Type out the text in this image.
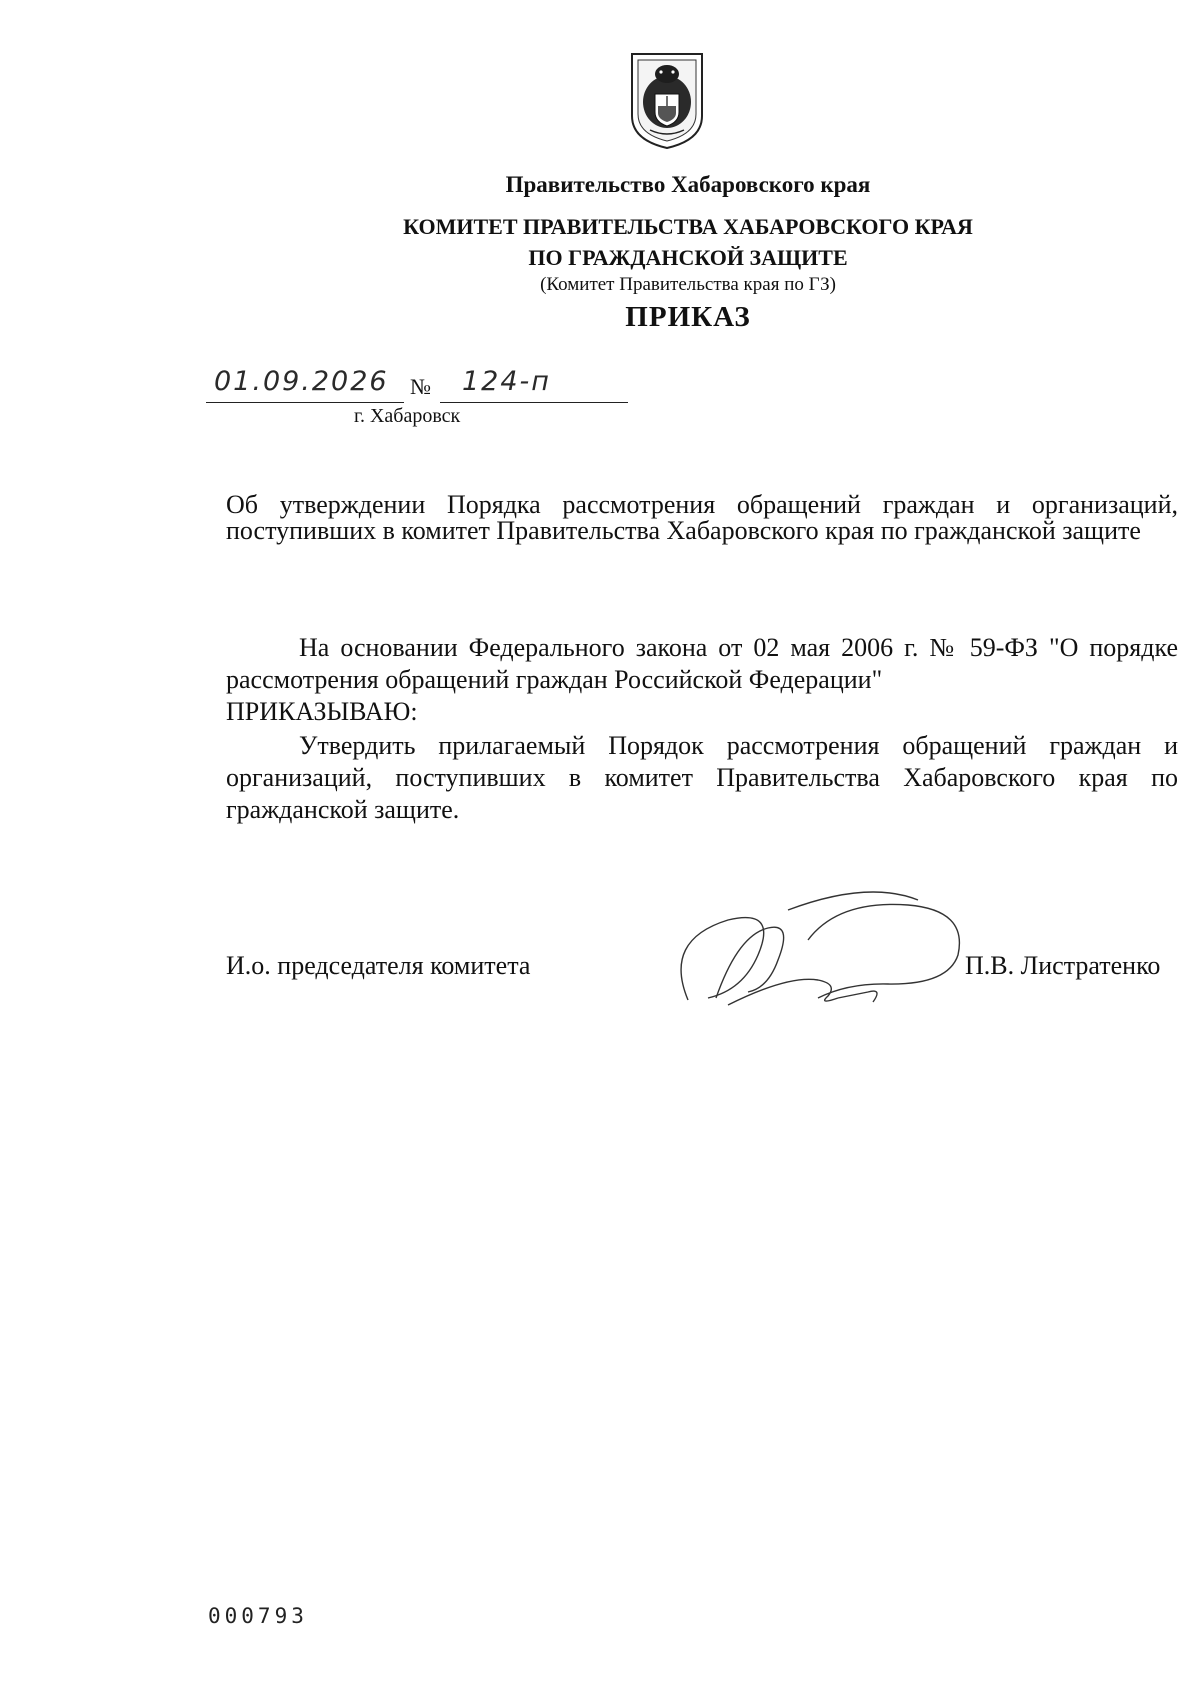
Правительство Хабаровского края
КОМИТЕТ ПРАВИТЕЛЬСТВА ХАБАРОВСКОГО КРАЯ
ПО ГРАЖДАНСКОЙ ЗАЩИТЕ
(Комитет Правительства края по ГЗ)
ПРИКАЗ
01.09.2026 № 124-п
г. Хабаровск
Об утверждении Порядка рассмотрения обращений граждан и организаций, поступивших в комитет Правительства Хабаровского края по гражданской защите
На основании Федерального закона от 02 мая 2006 г. № 59-ФЗ "О порядке рассмотрения обращений граждан Российской Федерации"
ПРИКАЗЫВАЮ:
Утвердить прилагаемый Порядок рассмотрения обращений граждан и организаций, поступивших в комитет Правительства Хабаровского края по гражданской защите.
И.о. председателя комитета	П.В. Листратенко
000793
